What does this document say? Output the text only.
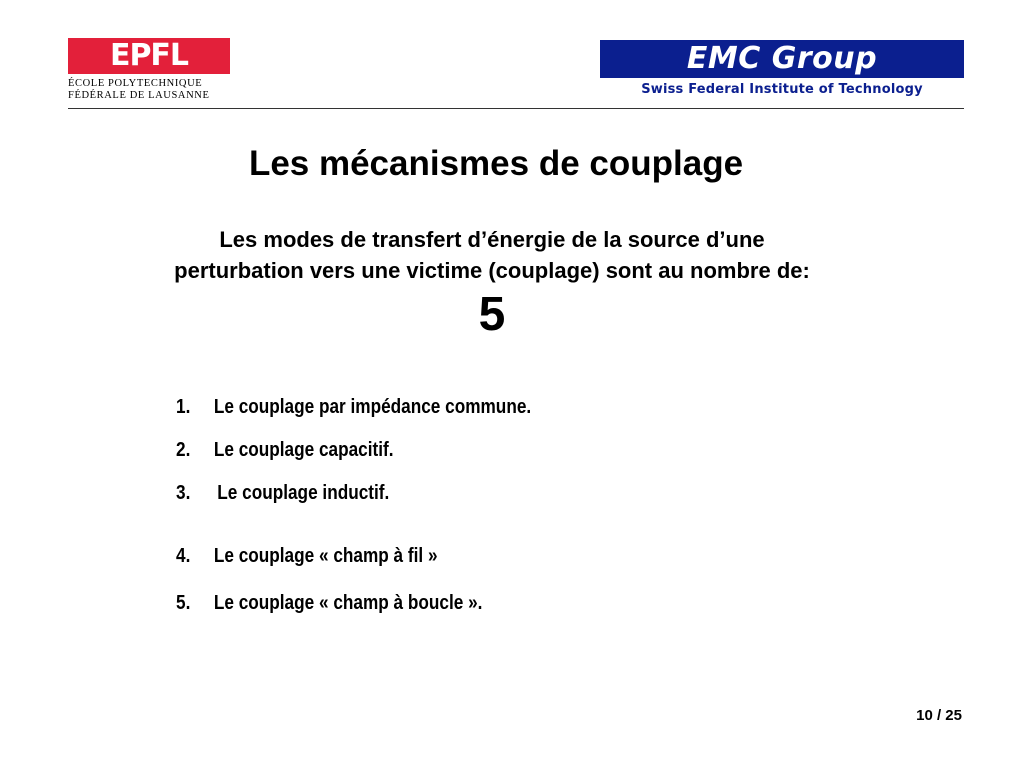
EPFL
ÉCOLE POLYTECHNIQUE
FÉDÉRALE DE LAUSANNE
EMC Group
Swiss Federal Institute of Technology
Les mécanismes de couplage
Les modes de transfert d’énergie de la source d’une
perturbation vers une victime (couplage) sont au nombre de:
5
1. Le couplage par impédance commune.
2. Le couplage capacitif.
3. Le couplage inductif.
4. Le couplage « champ à fil »
5. Le couplage « champ à boucle ».
10 / 25
